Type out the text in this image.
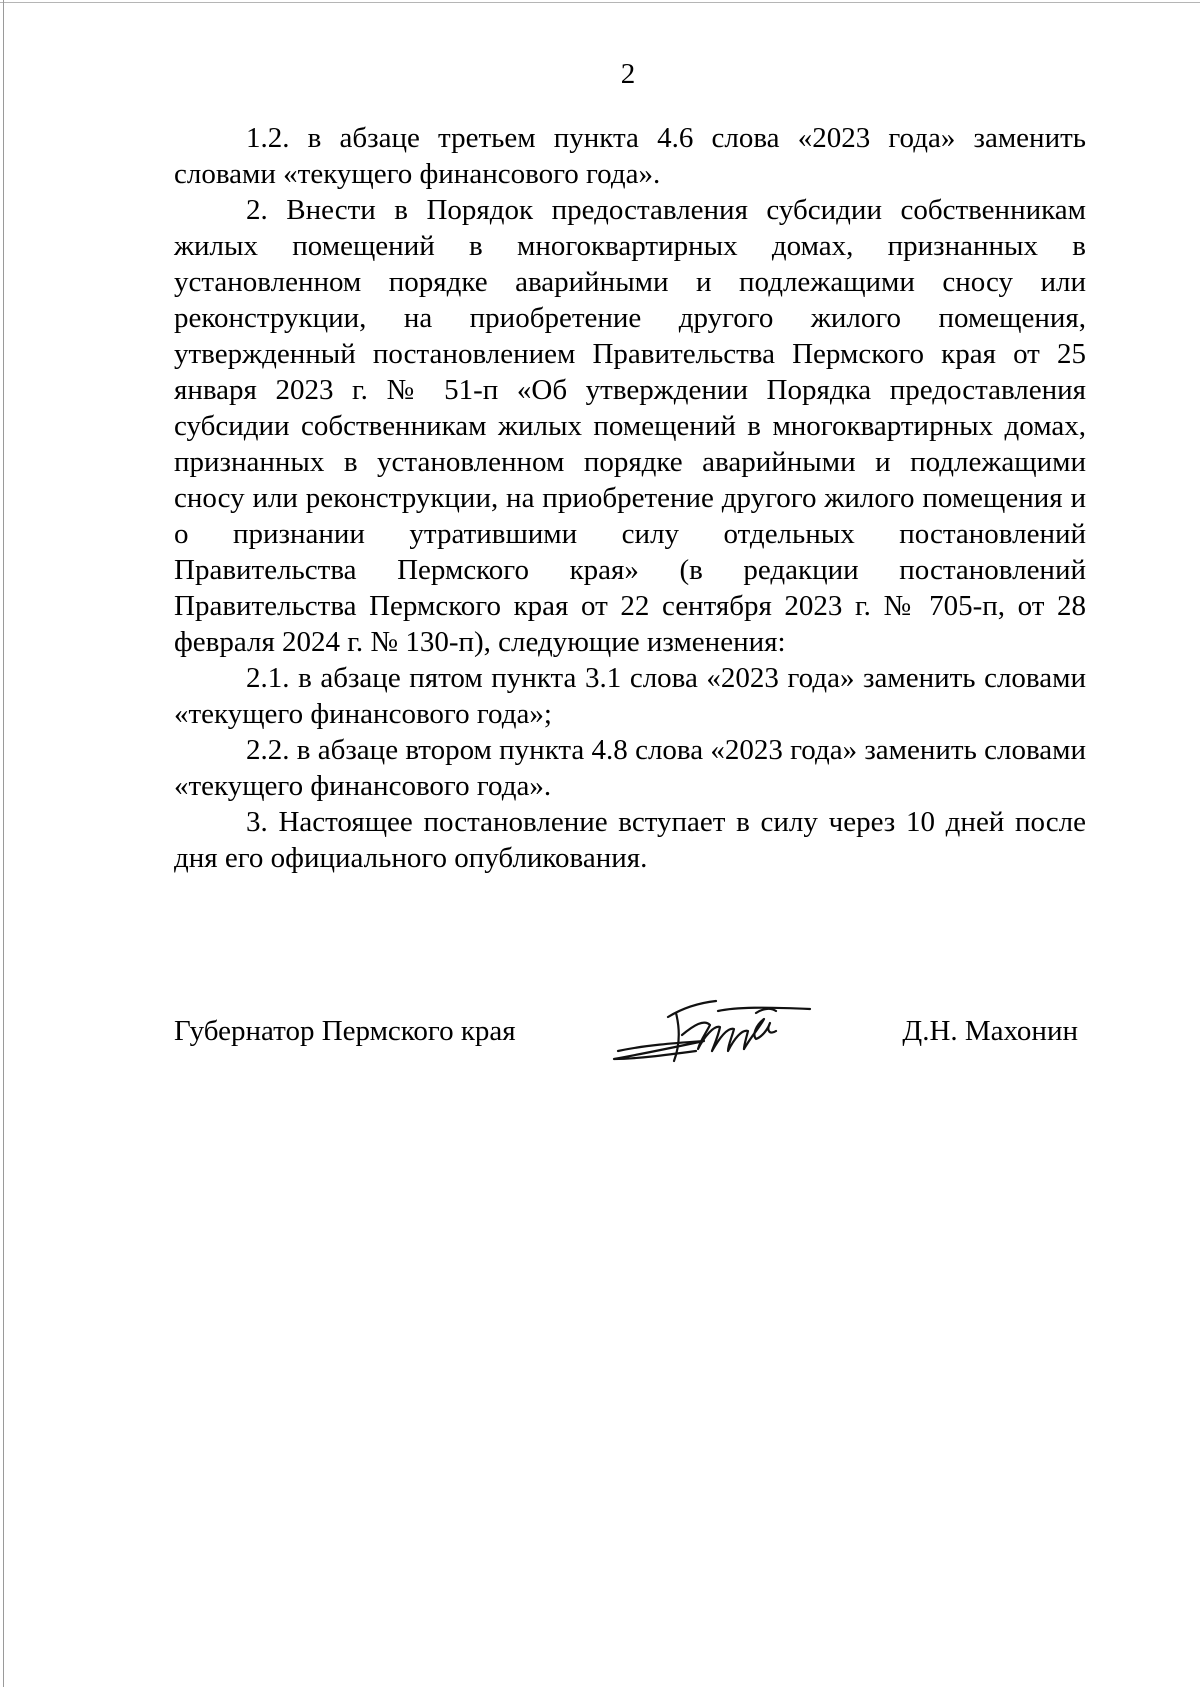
2

1.2. в абзаце третьем пункта 4.6 слова «2023 года» заменить словами «текущего финансового года».

2. Внести в Порядок предоставления субсидии собственникам жилых помещений в многоквартирных домах, признанных в установленном порядке аварийными и подлежащими сносу или реконструкции, на приобретение другого жилого помещения, утвержденный постановлением Правительства Пермского края от 25 января 2023 г. № 51-п «Об утверждении Порядка предоставления субсидии собственникам жилых помещений в многоквартирных домах, признанных в установленном порядке аварийными и подлежащими сносу или реконструкции, на приобретение другого жилого помещения и о признании утратившими силу отдельных постановлений Правительства Пермского края» (в редакции постановлений Правительства Пермского края от 22 сентября 2023 г. № 705-п, от 28 февраля 2024 г. № 130-п), следующие изменения:

2.1. в абзаце пятом пункта 3.1 слова «2023 года» заменить словами «текущего финансового года»;

2.2. в абзаце втором пункта 4.8 слова «2023 года» заменить словами «текущего финансового года».

3. Настоящее постановление вступает в силу через 10 дней после дня его официального опубликования.

Губернатор Пермского края	Д.Н. Махонин
